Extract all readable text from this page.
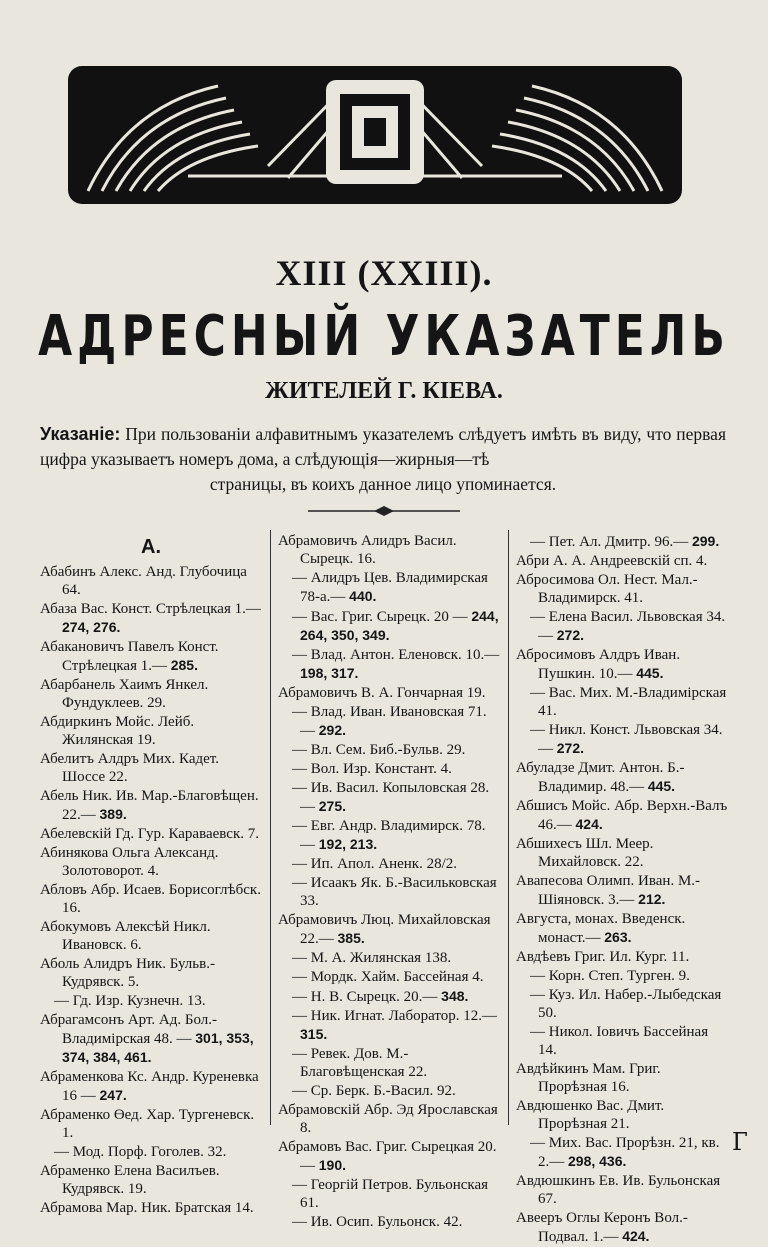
XIII (XXIII).
АДРЕСНЫЙ УКАЗАТЕЛЬ
ЖИТЕЛЕЙ Г. КІЕВА.
Указаніе: При пользованіи алфавитнымъ указателемъ слѣдуетъ имѣть въ виду, что первая цифра указываетъ номеръ дома, а слѣдующія—жирныя—тѣ
страницы, въ коихъ данное лицо упоминается.
А.
Абабинъ Алекс. Анд. Глубочица 64.
Абаза Вас. Конст. Стрѣлецкая 1.— 274, 276.
Абакановичъ Павелъ Конст. Стрѣлецкая 1.— 285.
Абарбанель Хаимъ Янкел. Фундуклеев. 29.
Абдиркинъ Мойс. Лейб. Жилянская 19.
Абелитъ Алдръ Мих. Кадет. Шоссе 22.
Абель Ник. Ив. Мар.-Благовѣщен. 22.— 389.
Абелевскій Гд. Гур. Караваевск. 7.
Абинякова Ольга Александ. Золотоворот. 4.
Абловъ Абр. Исаев. Борисоглѣбск. 16.
Абокумовъ Алексѣй Никл. Ивановск. 6.
Аболь Алидръ Ник. Бульв.-Кудрявск. 5.
— Гд. Изр. Кузнечн. 13.
Абрагамсонъ Арт. Ад. Бол.-Владимірская 48. — 301, 353, 374, 384, 461.
Абраменкова Кс. Андр. Куреневка 16 — 247.
Абраменко Өед. Хар. Тургеневск. 1.
— Мод. Порф. Гоголев. 32.
Абраменко Елена Василъев. Кудрявск. 19.
Абрамова Мар. Ник. Братская 14.
Абрамовичъ Алидръ Васил. Сырецк. 16.
— Алидръ Цев. Владимирская 78-а.— 440.
— Вас. Григ. Сырецк. 20 — 244, 264, 350, 349.
— Влад. Антон. Еленовск. 10.— 198, 317.
Абрамовичъ В. А. Гончарная 19.
— Влад. Иван. Ивановская 71.— 292.
— Вл. Сем. Биб.-Бульв. 29.
— Вол. Изр. Констант. 4.
— Ив. Васил. Копыловская 28.— 275.
— Евг. Андр. Владимирск. 78.— 192, 213.
— Ип. Апол. Аненк. 28/2.
— Исаакъ Як. Б.-Васильковская 33.
Абрамовичъ Люц. Михайловская 22.— 385.
— М. А. Жилянская 138.
— Мордк. Хайм. Бассейная 4.
— Н. В. Сырецк. 20.— 348.
— Ник. Игнат. Лаборатор. 12.— 315.
— Ревек. Дов. М.-Благовѣщенская 22.
— Ср. Берк. Б.-Васил. 92.
Абрамовскій Абр. Эд Ярославская 8.
Абрамовъ Вас. Григ. Сырецкая 20.— 190.
— Георгій Петров. Бульонская 61.
— Ив. Осип. Бульонск. 42.
— Пет. Ал. Дмитр. 96.— 299.
Абри А. А. Андреевскій сп. 4.
Абросимова Ол. Нест. Мал.-Владимирск. 41.
— Елена Васил. Львовская 34.— 272.
Абросимовъ Алдръ Иван. Пушкин. 10.— 445.
— Вас. Мих. М.-Владимірская 41.
— Никл. Конст. Львовская 34.— 272.
Абуладзе Дмит. Антон. Б.-Владимир. 48.— 445.
Абшисъ Мойс. Абр. Верхн.-Валъ 46.— 424.
Абшихесъ Шл. Меер. Михайловск. 22.
Авапесова Олимп. Иван. М.-Шіяновск. 3.— 212.
Августа, монах. Введенск. монаст.— 263.
Авдѣевъ Григ. Ил. Кург. 11.
— Корн. Степ. Турген. 9.
— Куз. Ил. Набер.-Лыбедская 50.
— Никол. Іовичъ Бассейная 14.
Авдѣйкинъ Мам. Григ. Прорѣзная 16.
Авдюшенко Вас. Дмит. Прорѣзная 21.
— Мих. Вас. Прорѣзн. 21, кв. 2.— 298, 436.
Авдюшкинъ Ев. Ив. Бульонская 67.
Авееръ Оглы Керонъ Вол.-Подвал. 1.— 424.
Г
